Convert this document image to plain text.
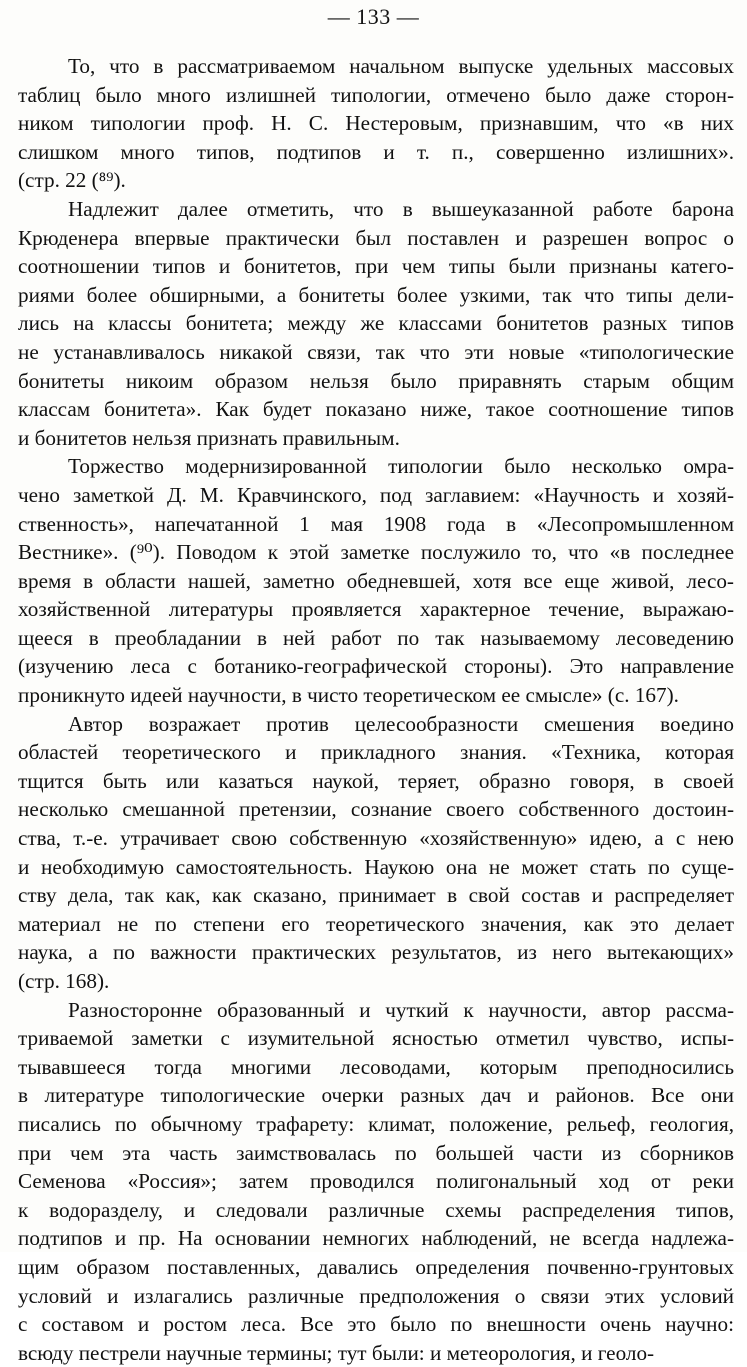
— 133 —
То, что в рассматриваемом начальном выпуске удельных массовых
таблиц было много излишней типологии, отмечено было даже сторон-
ником типологии проф. Н. С. Нестеровым, признавшим, что «в них
слишком много типов, подтипов и т. п., совершенно излишних».
(стр. 22 (⁸⁹).
Надлежит далее отметить, что в вышеуказанной работе барона
Крюденера впервые практически был поставлен и разрешен вопрос о
соотношении типов и бонитетов, при чем типы были признаны катего-
риями более обширными, а бонитеты более узкими, так что типы дели-
лись на классы бонитета; между же классами бонитетов разных типов
не устанавливалось никакой связи, так что эти новые «типологические
бонитеты никоим образом нельзя было приравнять старым общим
классам бонитета». Как будет показано ниже, такое соотношение типов
и бонитетов нельзя признать правильным.
Торжество модернизированной типологии было несколько омра-
чено заметкой Д. М. Кравчинского, под заглавием: «Научность и хозяй-
ственность», напечатанной 1 мая 1908 года в «Лесопромышленном
Вестнике». (⁹⁰). Поводом к этой заметке послужило то, что «в последнее
время в области нашей, заметно обедневшей, хотя все еще живой, лесо-
хозяйственной литературы проявляется характерное течение, выражаю-
щееся в преобладании в ней работ по так называемому лесоведению
(изучению леса с ботанико-географической стороны). Это направление
проникнуто идеей научности, в чисто теоретическом ее смысле» (с. 167).
Автор возражает против целесообразности смешения воедино
областей теоретического и прикладного знания. «Техника, которая
тщится быть или казаться наукой, теряет, образно говоря, в своей
несколько смешанной претензии, сознание своего собственного достоин-
ства, т.-е. утрачивает свою собственную «хозяйственную» идею, а с нею
и необходимую самостоятельность. Наукою она не может стать по суще-
ству дела, так как, как сказано, принимает в свой состав и распределяет
материал не по степени его теоретического значения, как это делает
наука, а по важности практических результатов, из него вытекающих»
(стр. 168).
Разносторонне образованный и чуткий к научности, автор рассма-
триваемой заметки с изумительной ясностью отметил чувство, испы-
тывавшееся тогда многими лесоводами, которым преподносились
в литературе типологические очерки разных дач и районов. Все они
писались по обычному трафарету: климат, положение, рельеф, геология,
при чем эта часть заимствовалась по большей части из сборников
Семенова «Россия»; затем проводился полигональный ход от реки
к водоразделу, и следовали различные схемы распределения типов,
подтипов и пр. На основании немногих наблюдений, не всегда надлежа-
щим образом поставленных, давались определения почвенно-грунтовых
условий и излагались различные предположения о связи этих условий
с составом и ростом леса. Все это было по внешности очень научно:
всюду пестрели научные термины; тут были: и метеорология, и геоло-
